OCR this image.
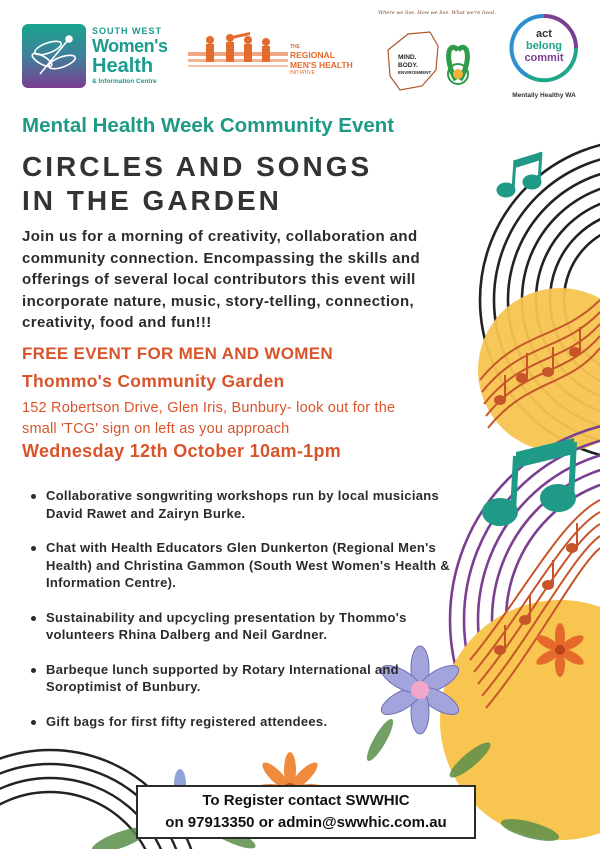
SOUTH WEST
Women's
Health
& Information Centre
THE
REGIONAL
MEN'S HEALTH
INITIATIVE
Where we live. How we live. What we're lived.
MIND.
BODY.
ENVIRONMENT
act
belong
commit
Mentally Healthy WA
Mental Health Week Community Event
CIRCLES AND SONGS
IN THE GARDEN
Join us for a morning of creativity, collaboration and community connection. Encompassing the skills and offerings of several local contributors this event will incorporate nature, music, story-telling, connection, creativity, food and fun!!!
FREE EVENT FOR MEN AND WOMEN
Thommo's Community Garden
152 Robertson Drive, Glen Iris, Bunbury- look out for the small 'TCG' sign on left as you approach
Wednesday 12th October 10am-1pm
Collaborative songwriting workshops run by local musicians David Rawet and Zairyn Burke.
Chat with Health Educators Glen Dunkerton (Regional Men's Health) and Christina Gammon (South West Women's Health & Information Centre).
Sustainability and upcycling presentation by Thommo's volunteers Rhina Dalberg and Neil Gardner.
Barbeque lunch supported by Rotary International and Soroptimist of Bunbury.
Gift bags for first fifty registered attendees.
To Register contact SWWHIC
on 97913350 or admin@swwhic.com.au
